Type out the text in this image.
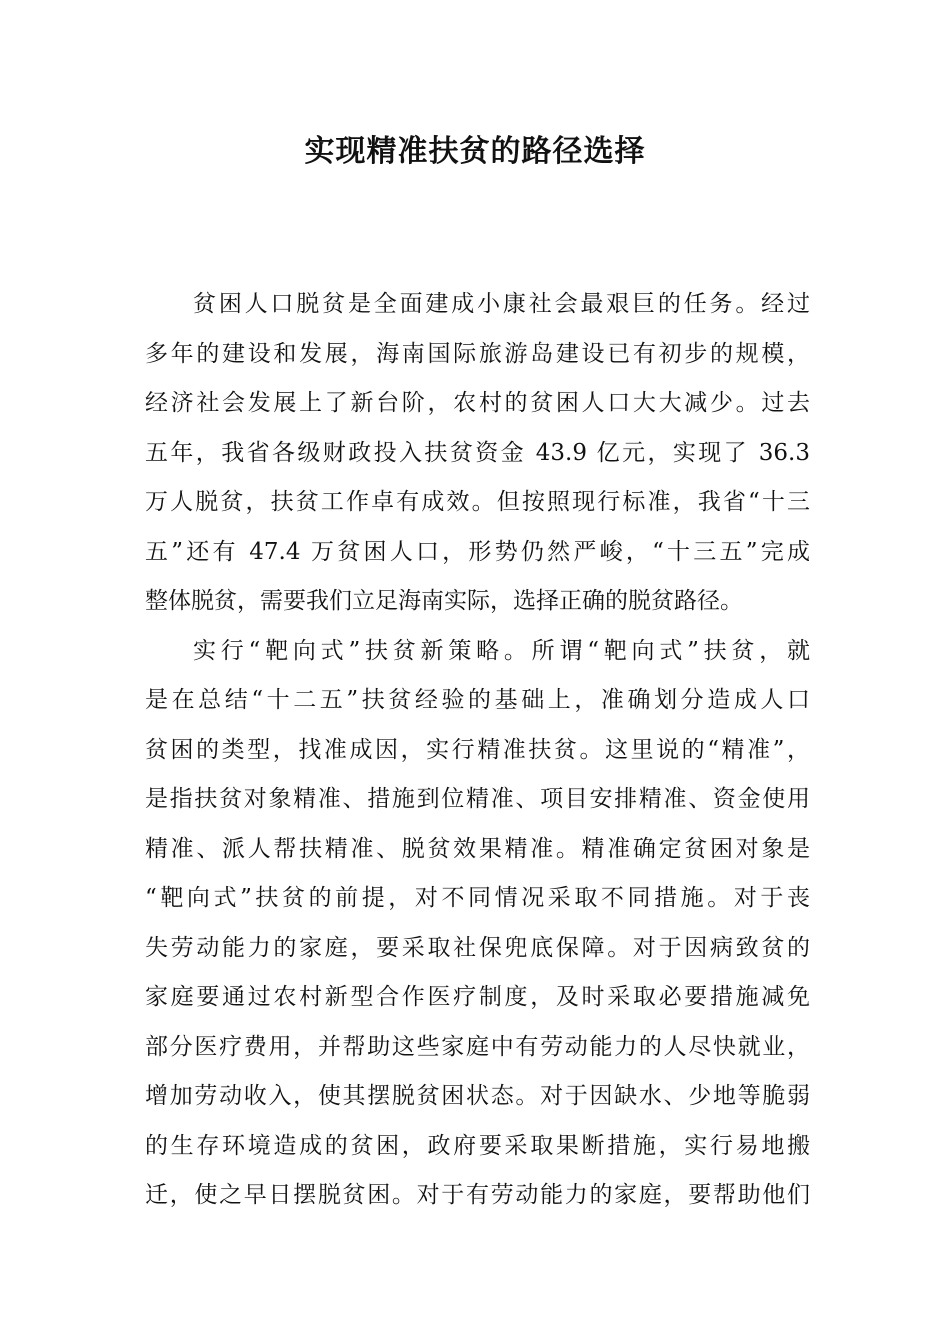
实现精准扶贫的路径选择
贫困人口脱贫是全面建成小康社会最艰巨的任务。经过
多年的建设和发展，海南国际旅游岛建设已有初步的规模，
经济社会发展上了新台阶，农村的贫困人口大大减少。过去
五年，我省各级财政投入扶贫资金 43.9 亿元，实现了 36.3
万人脱贫，扶贫工作卓有成效。但按照现行标准，我省“十三
五”还有 47.4 万贫困人口，形势仍然严峻，“十三五”完成
整体脱贫，需要我们立足海南实际，选择正确的脱贫路径。
实行“靶向式”扶贫新策略。所谓“靶向式”扶贫，就
是在总结“十二五”扶贫经验的基础上，准确划分造成人口
贫困的类型，找准成因，实行精准扶贫。这里说的“精准”，
是指扶贫对象精准、措施到位精准、项目安排精准、资金使用
精准、派人帮扶精准、脱贫效果精准。精准确定贫困对象是
“靶向式”扶贫的前提，对不同情况采取不同措施。对于丧
失劳动能力的家庭，要采取社保兜底保障。对于因病致贫的
家庭要通过农村新型合作医疗制度，及时采取必要措施减免
部分医疗费用，并帮助这些家庭中有劳动能力的人尽快就业，
增加劳动收入，使其摆脱贫困状态。对于因缺水、少地等脆弱
的生存环境造成的贫困，政府要采取果断措施，实行易地搬
迁，使之早日摆脱贫困。对于有劳动能力的家庭，要帮助他们
